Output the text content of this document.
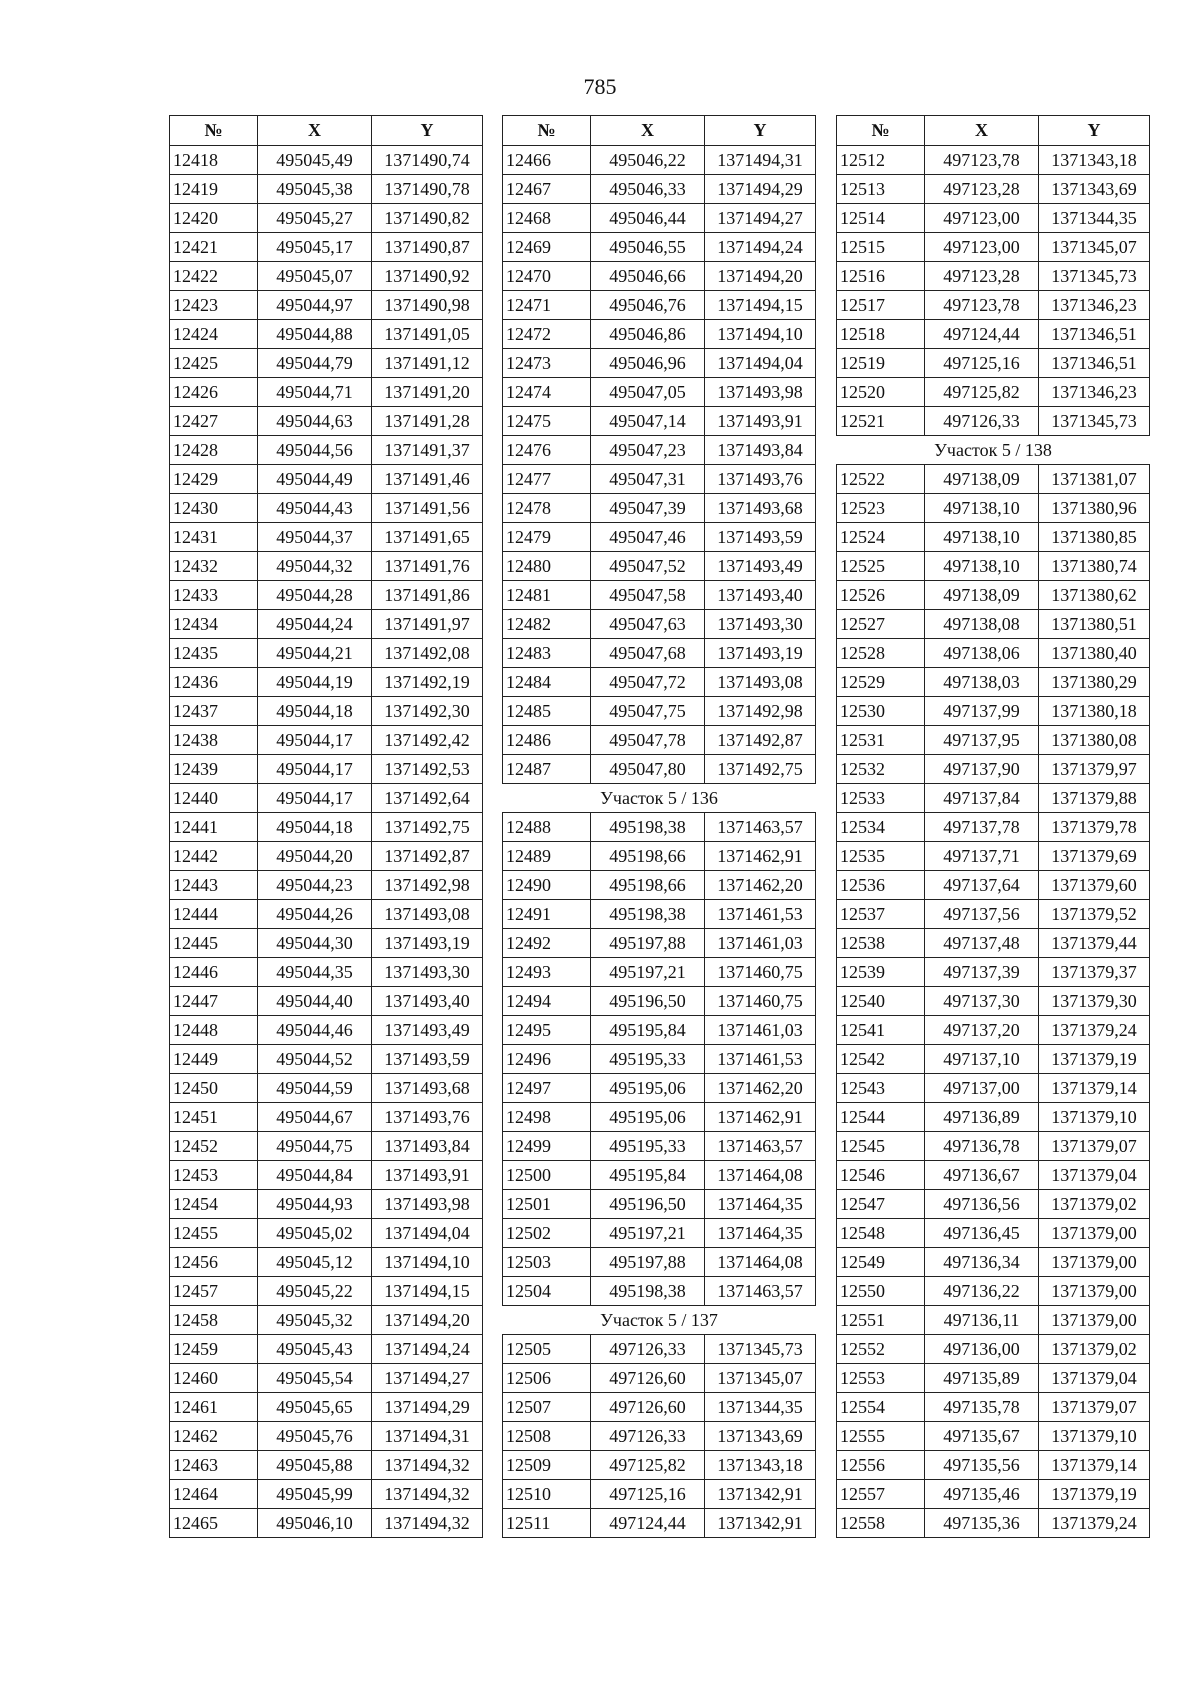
785
№	X	Y
12418	495045,49	1371490,74
12419	495045,38	1371490,78
12420	495045,27	1371490,82
12421	495045,17	1371490,87
12422	495045,07	1371490,92
12423	495044,97	1371490,98
12424	495044,88	1371491,05
12425	495044,79	1371491,12
12426	495044,71	1371491,20
12427	495044,63	1371491,28
12428	495044,56	1371491,37
12429	495044,49	1371491,46
12430	495044,43	1371491,56
12431	495044,37	1371491,65
12432	495044,32	1371491,76
12433	495044,28	1371491,86
12434	495044,24	1371491,97
12435	495044,21	1371492,08
12436	495044,19	1371492,19
12437	495044,18	1371492,30
12438	495044,17	1371492,42
12439	495044,17	1371492,53
12440	495044,17	1371492,64
12441	495044,18	1371492,75
12442	495044,20	1371492,87
12443	495044,23	1371492,98
12444	495044,26	1371493,08
12445	495044,30	1371493,19
12446	495044,35	1371493,30
12447	495044,40	1371493,40
12448	495044,46	1371493,49
12449	495044,52	1371493,59
12450	495044,59	1371493,68
12451	495044,67	1371493,76
12452	495044,75	1371493,84
12453	495044,84	1371493,91
12454	495044,93	1371493,98
12455	495045,02	1371494,04
12456	495045,12	1371494,10
12457	495045,22	1371494,15
12458	495045,32	1371494,20
12459	495045,43	1371494,24
12460	495045,54	1371494,27
12461	495045,65	1371494,29
12462	495045,76	1371494,31
12463	495045,88	1371494,32
12464	495045,99	1371494,32
12465	495046,10	1371494,32
№	X	Y
12466	495046,22	1371494,31
12467	495046,33	1371494,29
12468	495046,44	1371494,27
12469	495046,55	1371494,24
12470	495046,66	1371494,20
12471	495046,76	1371494,15
12472	495046,86	1371494,10
12473	495046,96	1371494,04
12474	495047,05	1371493,98
12475	495047,14	1371493,91
12476	495047,23	1371493,84
12477	495047,31	1371493,76
12478	495047,39	1371493,68
12479	495047,46	1371493,59
12480	495047,52	1371493,49
12481	495047,58	1371493,40
12482	495047,63	1371493,30
12483	495047,68	1371493,19
12484	495047,72	1371493,08
12485	495047,75	1371492,98
12486	495047,78	1371492,87
12487	495047,80	1371492,75
Участок 5 / 136		
12488	495198,38	1371463,57
12489	495198,66	1371462,91
12490	495198,66	1371462,20
12491	495198,38	1371461,53
12492	495197,88	1371461,03
12493	495197,21	1371460,75
12494	495196,50	1371460,75
12495	495195,84	1371461,03
12496	495195,33	1371461,53
12497	495195,06	1371462,20
12498	495195,06	1371462,91
12499	495195,33	1371463,57
12500	495195,84	1371464,08
12501	495196,50	1371464,35
12502	495197,21	1371464,35
12503	495197,88	1371464,08
12504	495198,38	1371463,57
Участок 5 / 137		
12505	497126,33	1371345,73
12506	497126,60	1371345,07
12507	497126,60	1371344,35
12508	497126,33	1371343,69
12509	497125,82	1371343,18
12510	497125,16	1371342,91
12511	497124,44	1371342,91
№	X	Y
12512	497123,78	1371343,18
12513	497123,28	1371343,69
12514	497123,00	1371344,35
12515	497123,00	1371345,07
12516	497123,28	1371345,73
12517	497123,78	1371346,23
12518	497124,44	1371346,51
12519	497125,16	1371346,51
12520	497125,82	1371346,23
12521	497126,33	1371345,73
Участок 5 / 138		
12522	497138,09	1371381,07
12523	497138,10	1371380,96
12524	497138,10	1371380,85
12525	497138,10	1371380,74
12526	497138,09	1371380,62
12527	497138,08	1371380,51
12528	497138,06	1371380,40
12529	497138,03	1371380,29
12530	497137,99	1371380,18
12531	497137,95	1371380,08
12532	497137,90	1371379,97
12533	497137,84	1371379,88
12534	497137,78	1371379,78
12535	497137,71	1371379,69
12536	497137,64	1371379,60
12537	497137,56	1371379,52
12538	497137,48	1371379,44
12539	497137,39	1371379,37
12540	497137,30	1371379,30
12541	497137,20	1371379,24
12542	497137,10	1371379,19
12543	497137,00	1371379,14
12544	497136,89	1371379,10
12545	497136,78	1371379,07
12546	497136,67	1371379,04
12547	497136,56	1371379,02
12548	497136,45	1371379,00
12549	497136,34	1371379,00
12550	497136,22	1371379,00
12551	497136,11	1371379,00
12552	497136,00	1371379,02
12553	497135,89	1371379,04
12554	497135,78	1371379,07
12555	497135,67	1371379,10
12556	497135,56	1371379,14
12557	497135,46	1371379,19
12558	497135,36	1371379,24
